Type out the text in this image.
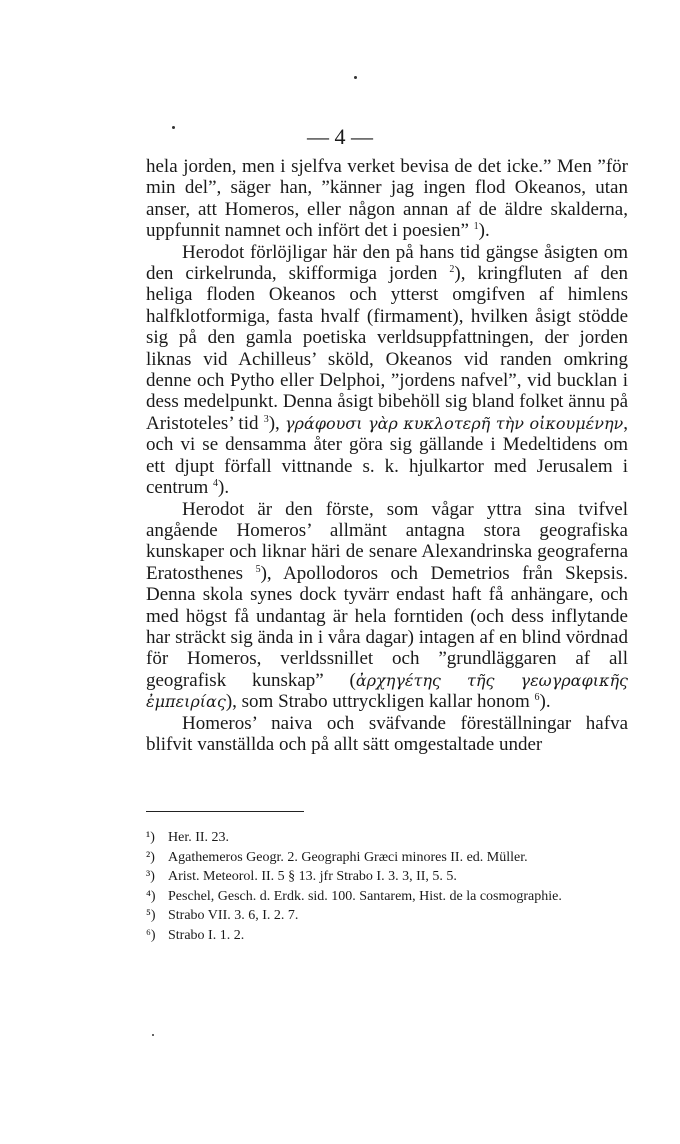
— 4 —

hela jorden, men i sjelfva verket bevisa de det icke.” Men ”för min del”, säger han, ”känner jag ingen flod Okeanos, utan anser, att Homeros, eller någon annan af de äldre skalderna, uppfunnit namnet och infört det i poesien” $^1$).

Herodot förlöjligar här den på hans tid gängse åsigten om den cirkelrunda, skifformiga jorden $^2$), kringfluten af den heliga floden Okeanos och ytterst omgifven af himlens halfklotformiga, fasta hvalf (firmament), hvilken åsigt stödde sig på den gamla poetiska verldsuppfattningen, der jorden liknas vid Achilleus’ sköld, Okeanos vid randen omkring denne och Pytho eller Delphoi, ”jordens nafvel”, vid bucklan i dess medelpunkt. Denna åsigt bibehöll sig bland folket ännu på Aristoteles’ tid $^3$), γράφουσι γὰρ κυκλοτερῆ τὴν οἰκουμένην, och vi se densamma åter göra sig gällande i Medeltidens om ett djupt förfall vittnande s. k. hjulkartor med Jerusalem i centrum $^4$).

Herodot är den förste, som vågar yttra sina tvifvel angående Homeros’ allmänt antagna stora geografiska kunskaper och liknar häri de senare Alexandrinska geograferna Eratosthenes $^5$), Apollodoros och Demetrios från Skepsis. Denna skola synes dock tyvärr endast haft få anhängare, och med högst få undantag är hela forntiden (och dess inflytande har sträckt sig ända in i våra dagar) intagen af en blind vördnad för Homeros, verldssnillet och ”grundläggaren af all geografisk kunskap” (ἀρχηγέτης τῆς γεωγραφικῆς ἐμπειρίας), som Strabo uttryckligen kallar honom $^6$).

Homeros’ naiva och sväfvande föreställningar hafva blifvit vanställda och på allt sätt omgestaltade under

¹) Her. II. 23.

²) Agathemeros Geogr. 2. Geographi Græci minores II. ed. Müller.

³) Arist. Meteorol. II. 5 § 13. jfr Strabo I. 3. 3, II, 5. 5.

⁴) Peschel, Gesch. d. Erdk. sid. 100. Santarem, Hist. de la cosmographie.

⁵) Strabo VII. 3. 6, I. 2. 7.

⁶) Strabo I. 1. 2.
